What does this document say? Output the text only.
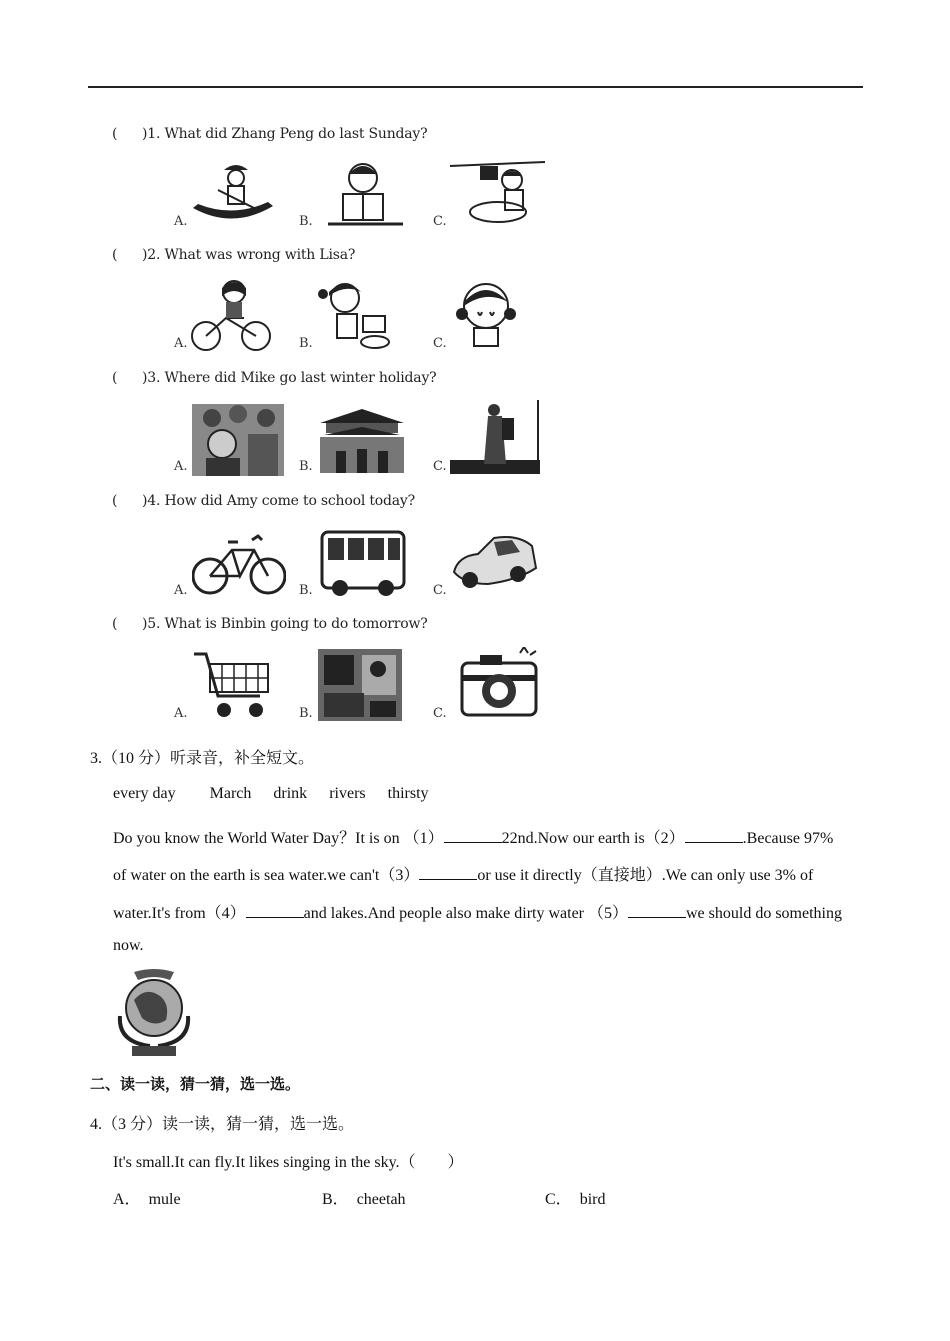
( )1. What did Zhang Peng do last Sunday?
A.	B.	C.
( )2. What was wrong with Lisa?
A.	B.	C.
( )3. Where did Mike go last winter holiday?
A.	B.	C.
( )4. How did Amy come to school today?
A.	B.	C.
( )5. What is Binbin going to do tomorrow?
A.	B.	C.
3.（10 分）听录音，补全短文。
every day March drink rivers thirsty
Do you know the World Water Day？It is on （1）	22nd.Now our earth is（2）	.Because 97%
of water on the earth is sea water.we can't（3）	or use it directly（直接地）.We can only use 3% of
water.It's from（4）	and lakes.And people also make dirty water （5）	we should do something
now.
二、读一读，猜一猜，选一选。
4.（3 分）读一读，猜一猜，选一选。
It's small.It can fly.It likes singing in the sky.（　　）
A． mule	B． cheetah	C． bird
